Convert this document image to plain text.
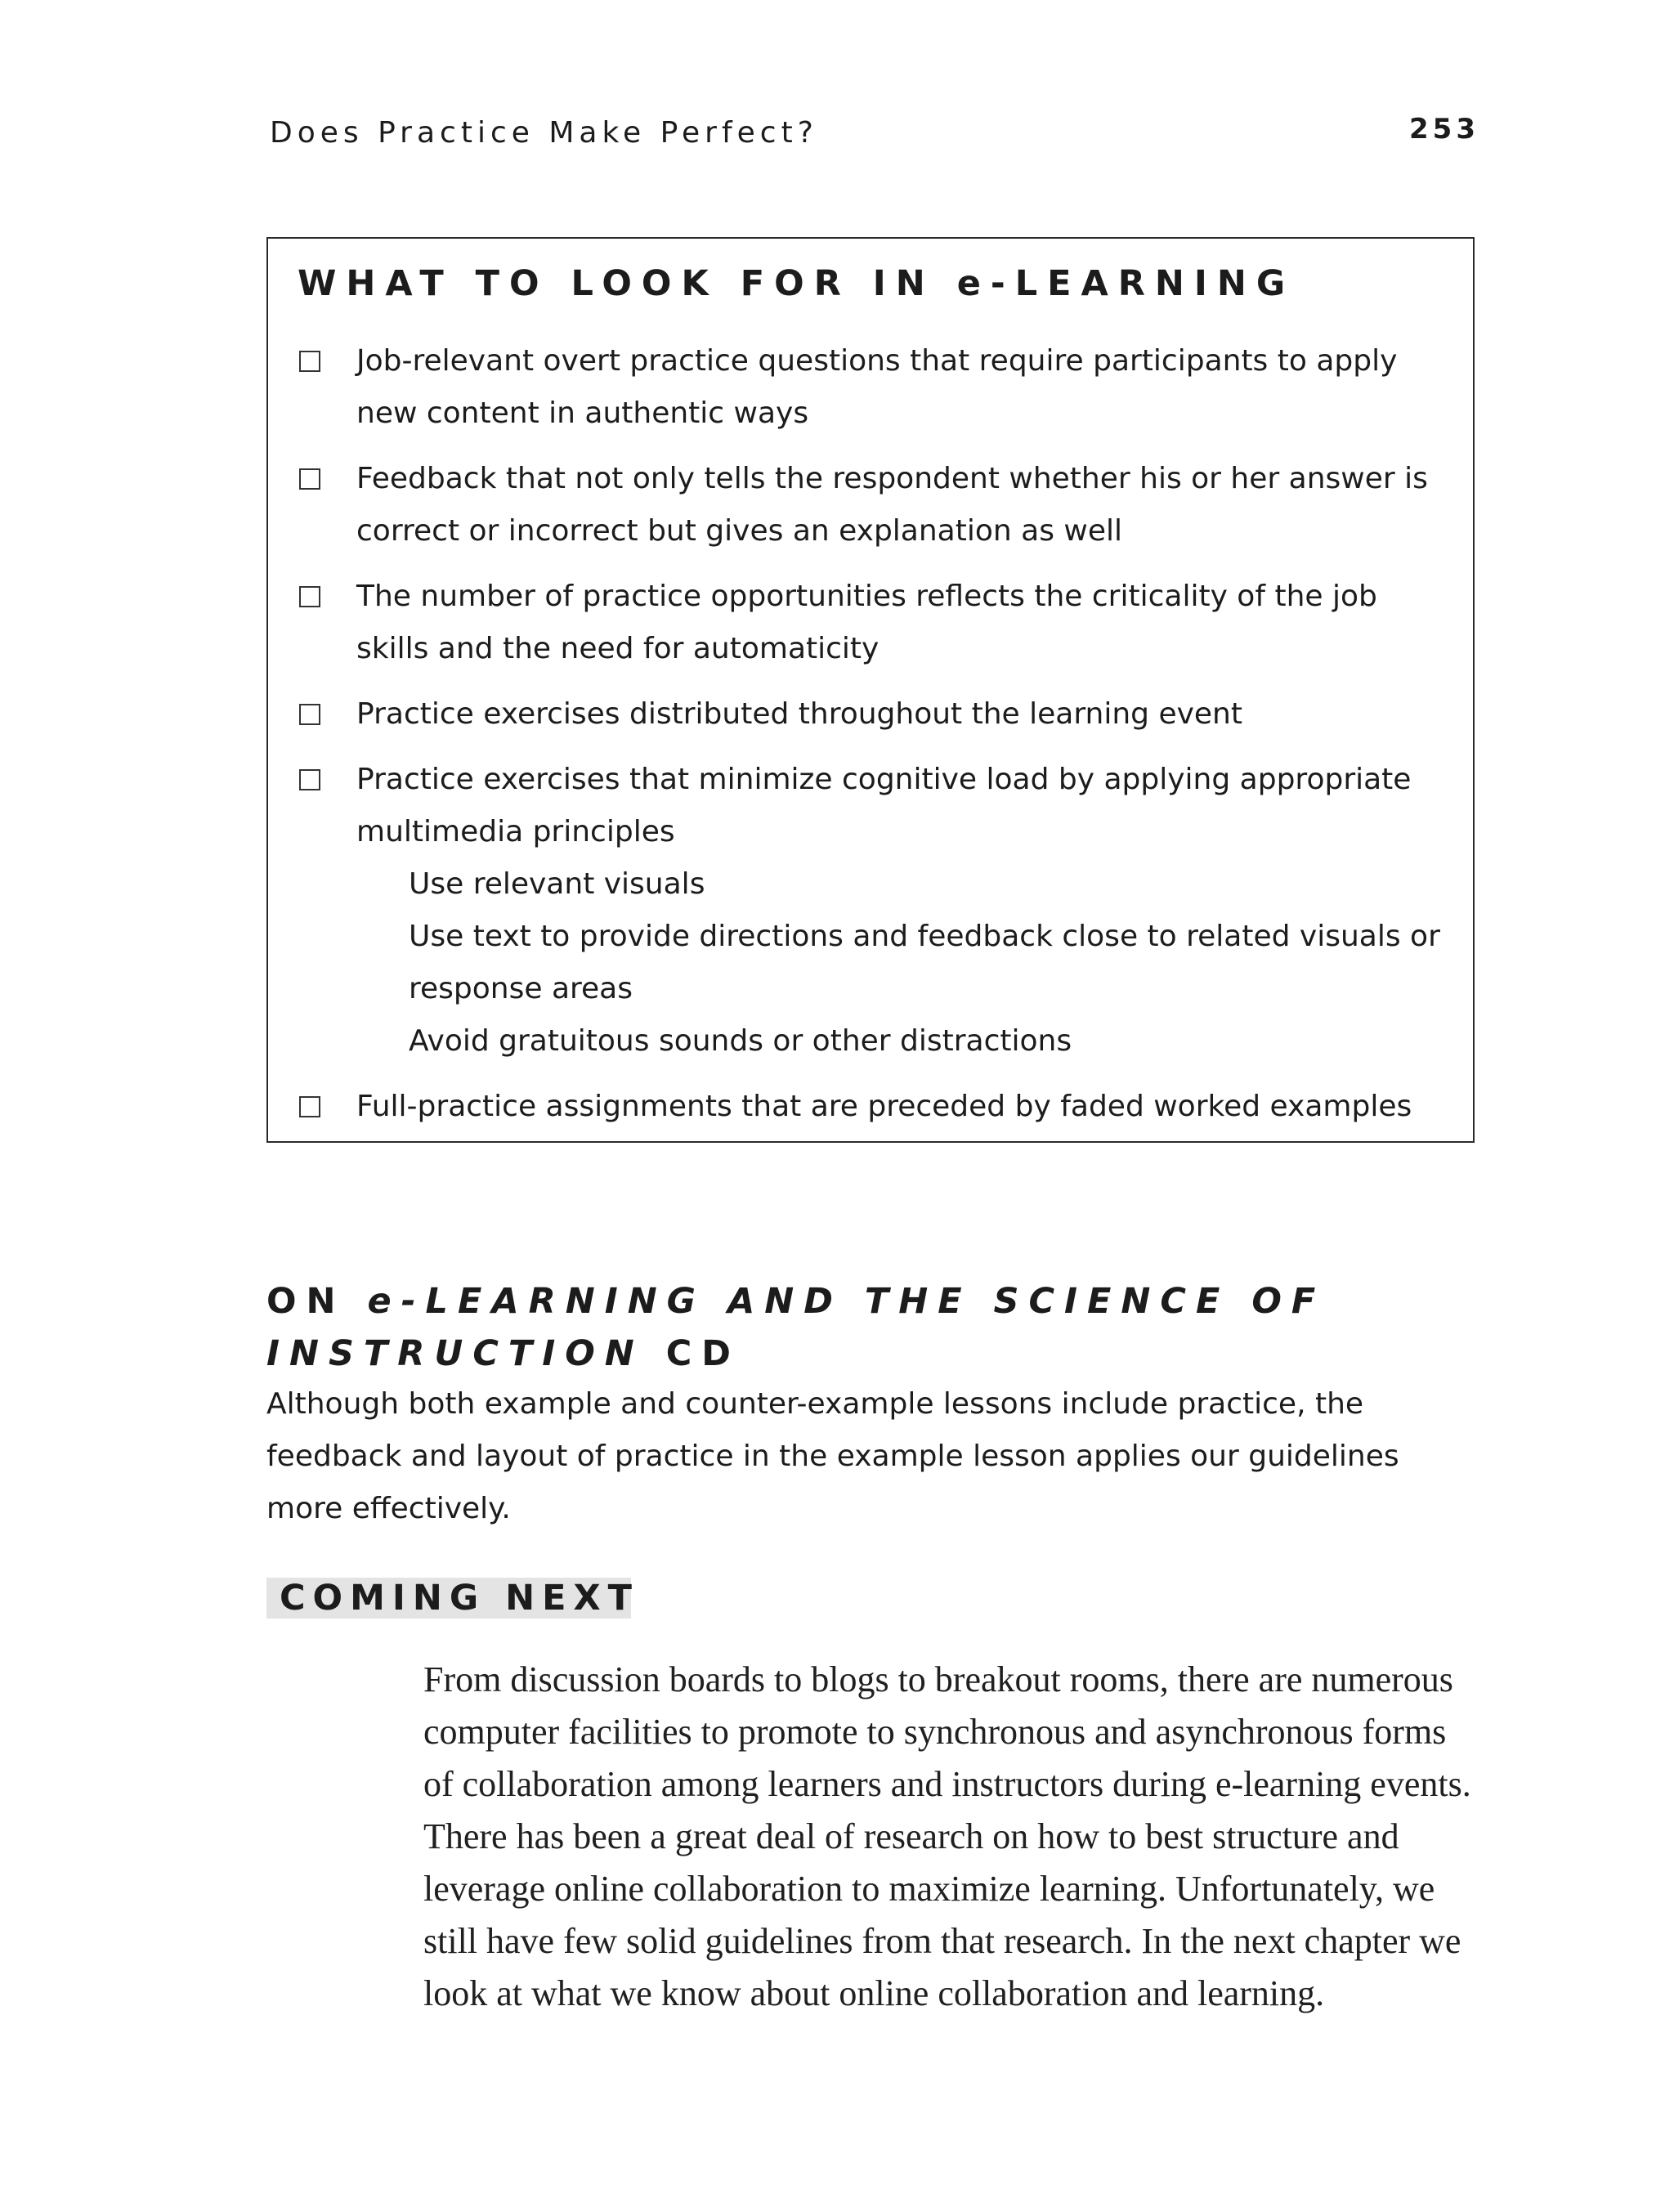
Does Practice Make Perfect?	253
WHAT TO LOOK FOR IN e-LEARNING
Job-relevant overt practice questions that require participants to apply new content in authentic ways
Feedback that not only tells the respondent whether his or her answer is correct or incorrect but gives an explanation as well
The number of practice opportunities reflects the criticality of the job skills and the need for automaticity
Practice exercises distributed throughout the learning event
Practice exercises that minimize cognitive load by applying appropriate multimedia principles
Use relevant visuals
Use text to provide directions and feedback close to related visuals or response areas
Avoid gratuitous sounds or other distractions
Full-practice assignments that are preceded by faded worked examples
ON e-LEARNING AND THE SCIENCE OF INSTRUCTION CD

Although both example and counter-example lessons include practice, the feedback and layout of practice in the example lesson applies our guidelines more effectively.

COMING NEXT

From discussion boards to blogs to breakout rooms, there are numerous computer facilities to promote to synchronous and asynchronous forms of collaboration among learners and instructors during e-learning events. There has been a great deal of research on how to best structure and leverage online collaboration to maximize learning. Unfortunately, we still have few solid guidelines from that research. In the next chapter we look at what we know about online collaboration and learning.
